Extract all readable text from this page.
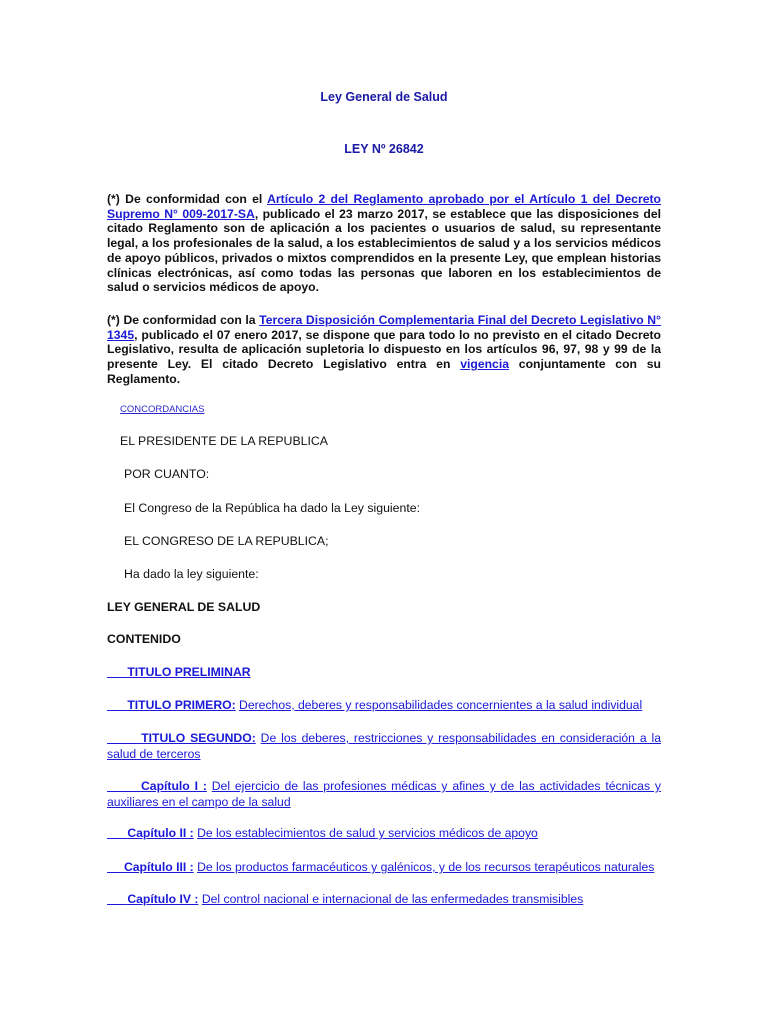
Ley General de Salud
LEY Nº 26842
(*) De conformidad con el Artículo 2 del Reglamento aprobado por el Artículo 1 del Decreto Supremo N° 009-2017-SA, publicado el 23 marzo 2017, se establece que las disposiciones del citado Reglamento son de aplicación a los pacientes o usuarios de salud, su representante legal, a los profesionales de la salud, a los establecimientos de salud y a los servicios médicos de apoyo públicos, privados o mixtos comprendidos en la presente Ley, que emplean historias clínicas electrónicas, así como todas las personas que laboren en los establecimientos de salud o servicios médicos de apoyo.
(*) De conformidad con la Tercera Disposición Complementaria Final del Decreto Legislativo N° 1345, publicado el 07 enero 2017, se dispone que para todo lo no previsto en el citado Decreto Legislativo, resulta de aplicación supletoria lo dispuesto en los artículos 96, 97, 98 y 99 de la presente Ley. El citado Decreto Legislativo entra en vigencia conjuntamente con su Reglamento.
CONCORDANCIAS
EL PRESIDENTE DE LA REPUBLICA
POR CUANTO:
El Congreso de la República ha dado la Ley siguiente:
EL CONGRESO DE LA REPUBLICA;
Ha dado la ley siguiente:
LEY GENERAL DE SALUD
CONTENIDO
TITULO PRELIMINAR
TITULO PRIMERO: Derechos, deberes y responsabilidades concernientes a la salud individual
TITULO SEGUNDO: De los deberes, restricciones y responsabilidades en consideración a la salud de terceros
Capítulo I : Del ejercicio de las profesiones médicas y afines y de las actividades técnicas y auxiliares en el campo de la salud
Capítulo II : De los establecimientos de salud y servicios médicos de apoyo
Capítulo III : De los productos farmacéuticos y galénicos, y de los recursos terapéuticos naturales
Capítulo IV : Del control nacional e internacional de las enfermedades transmisibles
